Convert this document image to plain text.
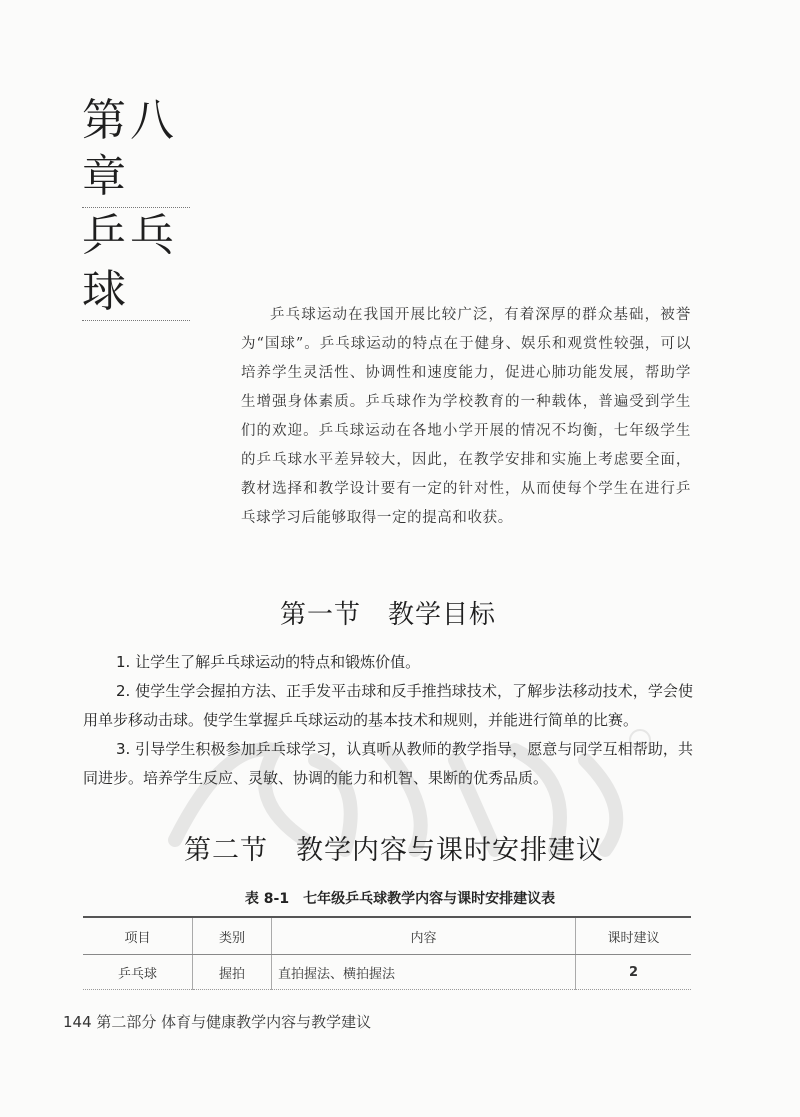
第八章
乒乓球	乒乓球运动在我国开展比较广泛，有着深厚的群众基础，被誉为“国球”。乒乓球运动的特点在于健身、娱乐和观赏性较强，可以培养学生灵活性、协调性和速度能力，促进心肺功能发展，帮助学生增强身体素质。乒乓球作为学校教育的一种载体，普遍受到学生们的欢迎。乒乓球运动在各地小学开展的情况不均衡，七年级学生的乒乓球水平差异较大，因此，在教学安排和实施上考虑要全面，教材选择和教学设计要有一定的针对性，从而使每个学生在进行乒乓球学习后能够取得一定的提高和收获。

第一节　教学目标

1. 让学生了解乒乓球运动的特点和锻炼价值。

2. 使学生学会握拍方法、正手发平击球和反手推挡球技术，了解步法移动技术，学会使用单步移动击球。使学生掌握乒乓球运动的基本技术和规则，并能进行简单的比赛。

3. 引导学生积极参加乒乓球学习，认真听从教师的教学指导，愿意与同学互相帮助，共同进步。培养学生反应、灵敏、协调的能力和机智、果断的优秀品质。

第二节　教学内容与课时安排建议
表 8-1　七年级乒乓球教学内容与课时安排建议表
项目	类别	内容	课时建议
乒乓球	握拍	直拍握法、横拍握法	2
144 第二部分 体育与健康教学内容与教学建议
